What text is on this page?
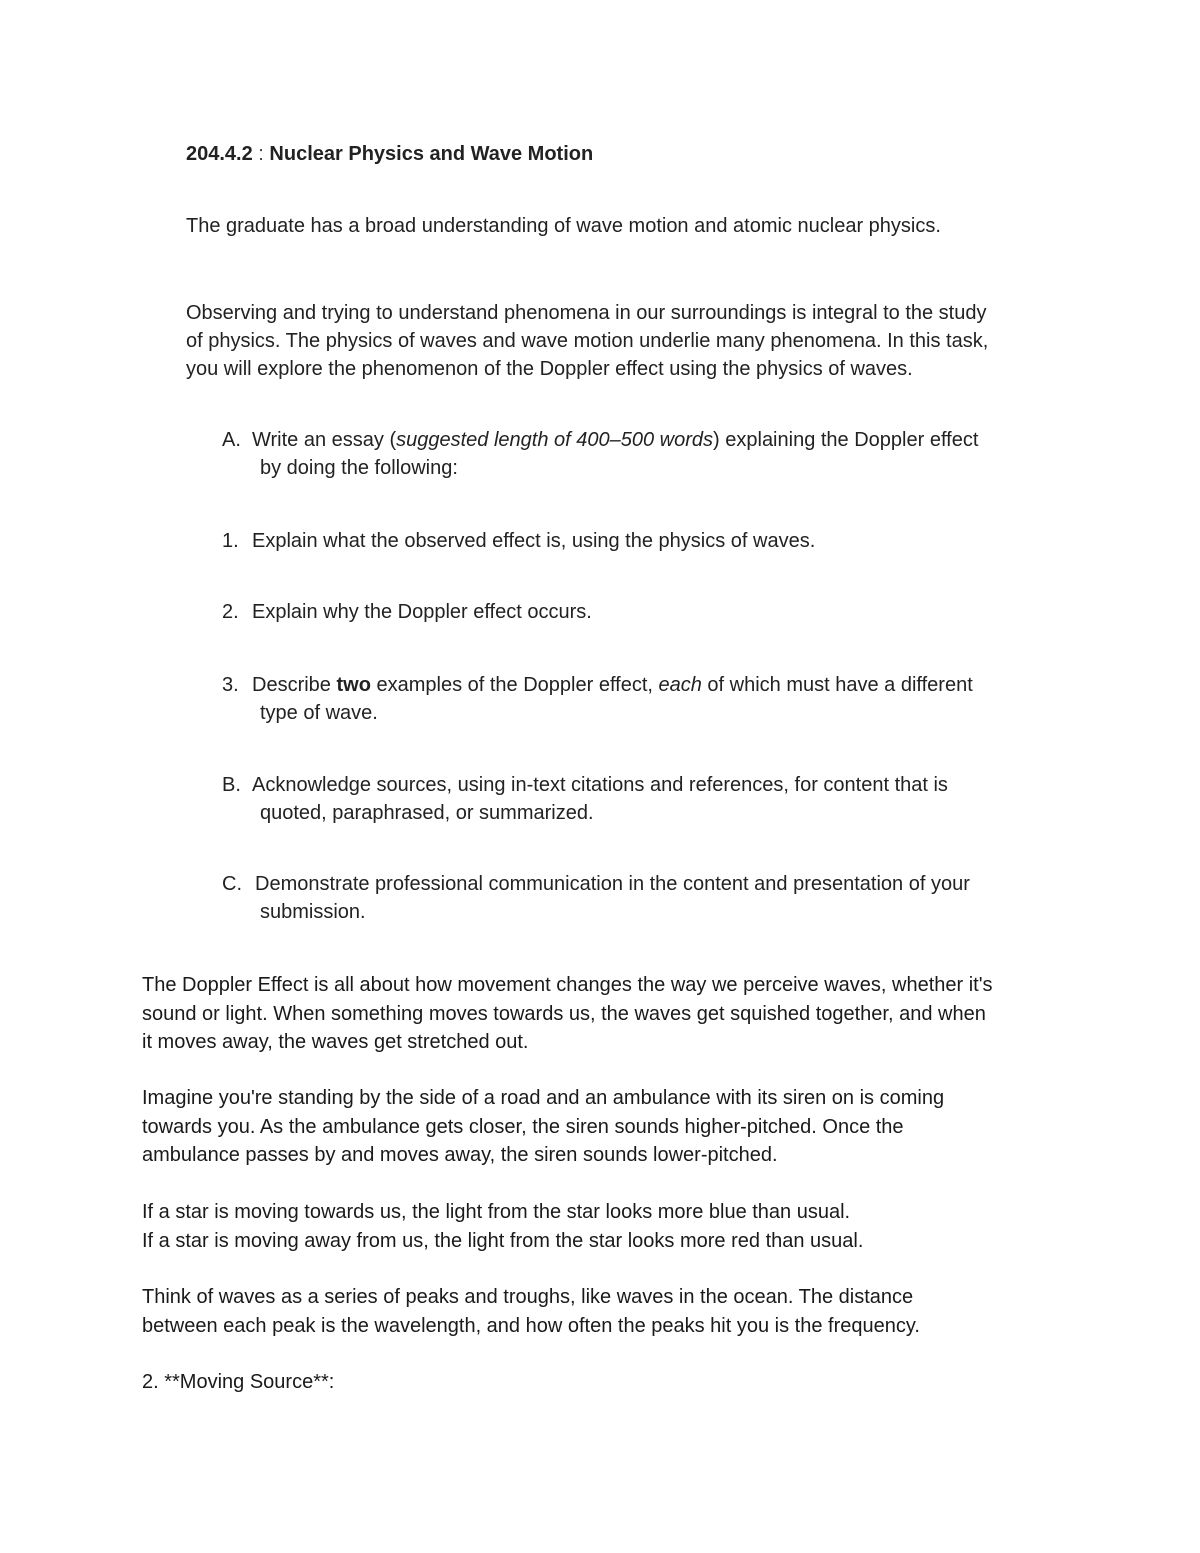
204.4.2 : Nuclear Physics and Wave Motion

The graduate has a broad understanding of wave motion and atomic nuclear physics.

Observing and trying to understand phenomena in our surroundings is integral to the study
of physics. The physics of waves and wave motion underlie many phenomena. In this task,
you will explore the phenomenon of the Doppler effect using the physics of waves.

A. Write an essay (suggested length of 400–500 words) explaining the Doppler effect
by doing the following:
1. Explain what the observed effect is, using the physics of waves.
2. Explain why the Doppler effect occurs.
3. Describe two examples of the Doppler effect, each of which must have a different
type of wave.
B. Acknowledge sources, using in-text citations and references, for content that is
quoted, paraphrased, or summarized.
C. Demonstrate professional communication in the content and presentation of your
submission.
The Doppler Effect is all about how movement changes the way we perceive waves, whether it's
sound or light. When something moves towards us, the waves get squished together, and when
it moves away, the waves get stretched out.
Imagine you're standing by the side of a road and an ambulance with its siren on is coming
towards you. As the ambulance gets closer, the siren sounds higher-pitched. Once the
ambulance passes by and moves away, the siren sounds lower-pitched.
If a star is moving towards us, the light from the star looks more blue than usual.
If a star is moving away from us, the light from the star looks more red than usual.
Think of waves as a series of peaks and troughs, like waves in the ocean. The distance
between each peak is the wavelength, and how often the peaks hit you is the frequency.
2. **Moving Source**:
